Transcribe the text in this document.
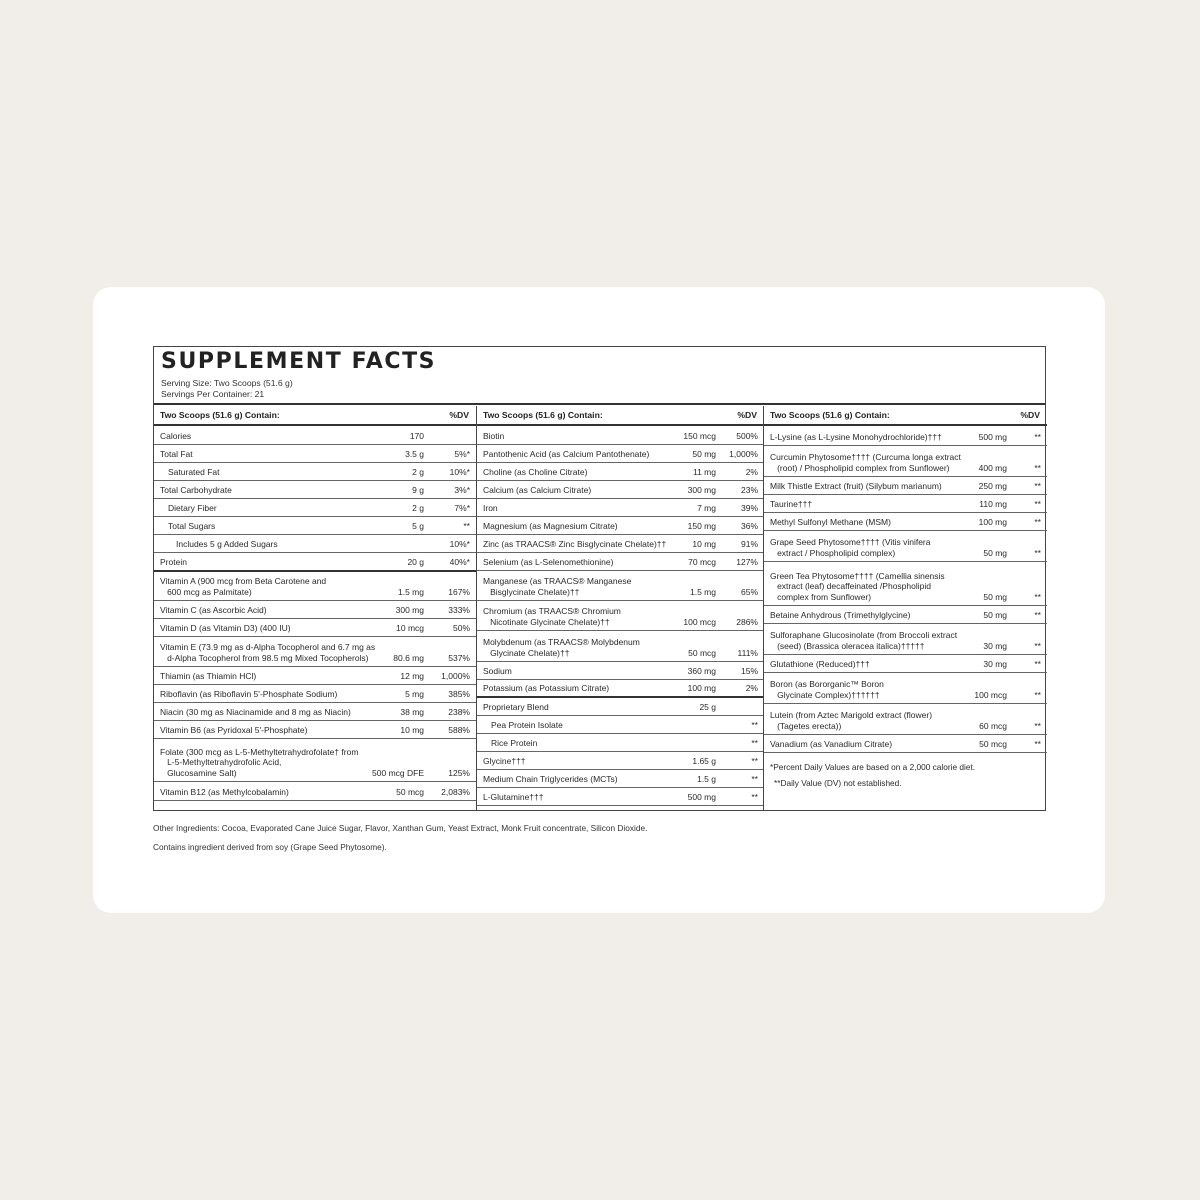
SUPPLEMENT FACTS
Serving Size: Two Scoops (51.6 g)
Servings Per Container: 21
Two Scoops (51.6 g) Contain:	%DV
Calories	170
Total Fat	3.5 g	5%*
Saturated Fat	2 g	10%*
Total Carbohydrate	9 g	3%*
Dietary Fiber	2 g	7%*
Total Sugars	5 g	**
Includes 5 g Added Sugars	10%*
Protein	20 g	40%*
Vitamin A (900 mcg from Beta Carotene and
600 mcg as Palmitate)	1.5 mg	167%
Vitamin C (as Ascorbic Acid)	300 mg	333%
Vitamin D (as Vitamin D3) (400 IU)	10 mcg	50%
Vitamin E (73.9 mg as d-Alpha Tocopherol and 6.7 mg as
d-Alpha Tocopherol from 98.5 mg Mixed Tocopherols)	80.6 mg	537%
Thiamin (as Thiamin HCl)	12 mg 1,000%
Riboflavin (as Riboflavin 5'-Phosphate Sodium)	5 mg	385%
Niacin (30 mg as Niacinamide and 8 mg as Niacin)	38 mg	238%
Vitamin B6 (as Pyridoxal 5'-Phosphate)	10 mg	588%
Folate (300 mcg as L-5-Methyltetrahydrofolate† from
L-5-Methyltetrahydrofolic Acid,
Glucosamine Salt)	500 mcg DFE	125%
Vitamin B12 (as Methylcobalamin)	50 mcg 2,083%
Two Scoops (51.6 g) Contain:	%DV
Biotin	150 mcg 500%
Pantothenic Acid (as Calcium Pantothenate)	50 mg 1,000%
Choline (as Choline Citrate)	11 mg	2%
Calcium (as Calcium Citrate)	300 mg	23%
Iron	7 mg	39%
Magnesium (as Magnesium Citrate)	150 mg	36%
Zinc (as TRAACS® Zinc Bisglycinate Chelate)††	10 mg	91%
Selenium (as L-Selenomethionine)	70 mcg 127%
Manganese (as TRAACS® Manganese
Bisglycinate Chelate)††	1.5 mg	65%
Chromium (as TRAACS® Chromium
Nicotinate Glycinate Chelate)††	100 mcg 286%
Molybdenum (as TRAACS® Molybdenum
Glycinate Chelate)††	50 mcg	111%
Sodium	360 mg	15%
Potassium (as Potassium Citrate)	100 mg	2%
Proprietary Blend	25 g
Pea Protein Isolate	**
Rice Protein	**
Glycine†††	1.65 g	**
Medium Chain Triglycerides (MCTs)	1.5 g	**
L-Glutamine†††	500 mg	**
Two Scoops (51.6 g) Contain:	%DV
L-Lysine (as L-Lysine Monohydrochloride)†††	500 mg	**
Curcumin Phytosome†††† (Curcuma longa extract
(root) / Phospholipid complex from Sunflower)	400 mg	**
Milk Thistle Extract (fruit) (Silybum marianum)	250 mg	**
Taurine†††	110 mg	**
Methyl Sulfonyl Methane (MSM)	100 mg	**
Grape Seed Phytosome†††† (Vitis vinifera
extract / Phospholipid complex)	50 mg	**
Green Tea Phytosome†††† (Camellia sinensis
extract (leaf) decaffeinated /Phospholipid
complex from Sunflower)	50 mg	**
Betaine Anhydrous (Trimethylglycine)	50 mg	**
Sulforaphane Glucosinolate (from Broccoli extract
(seed) (Brassica oleracea italica)†††††	30 mg	**
Glutathione (Reduced)†††	30 mg	**
Boron (as Bororganic™ Boron
Glycinate Complex)††††††	100 mcg	**
Lutein (from Aztec Marigold extract (flower)
(Tagetes erecta))	60 mcg	**
Vanadium (as Vanadium Citrate)	50 mcg	**
*Percent Daily Values are based on a 2,000 calorie diet.
**Daily Value (DV) not established.
Other Ingredients: Cocoa, Evaporated Cane Juice Sugar, Flavor, Xanthan Gum, Yeast Extract, Monk Fruit concentrate, Silicon Dioxide.
Contains ingredient derived from soy (Grape Seed Phytosome).
